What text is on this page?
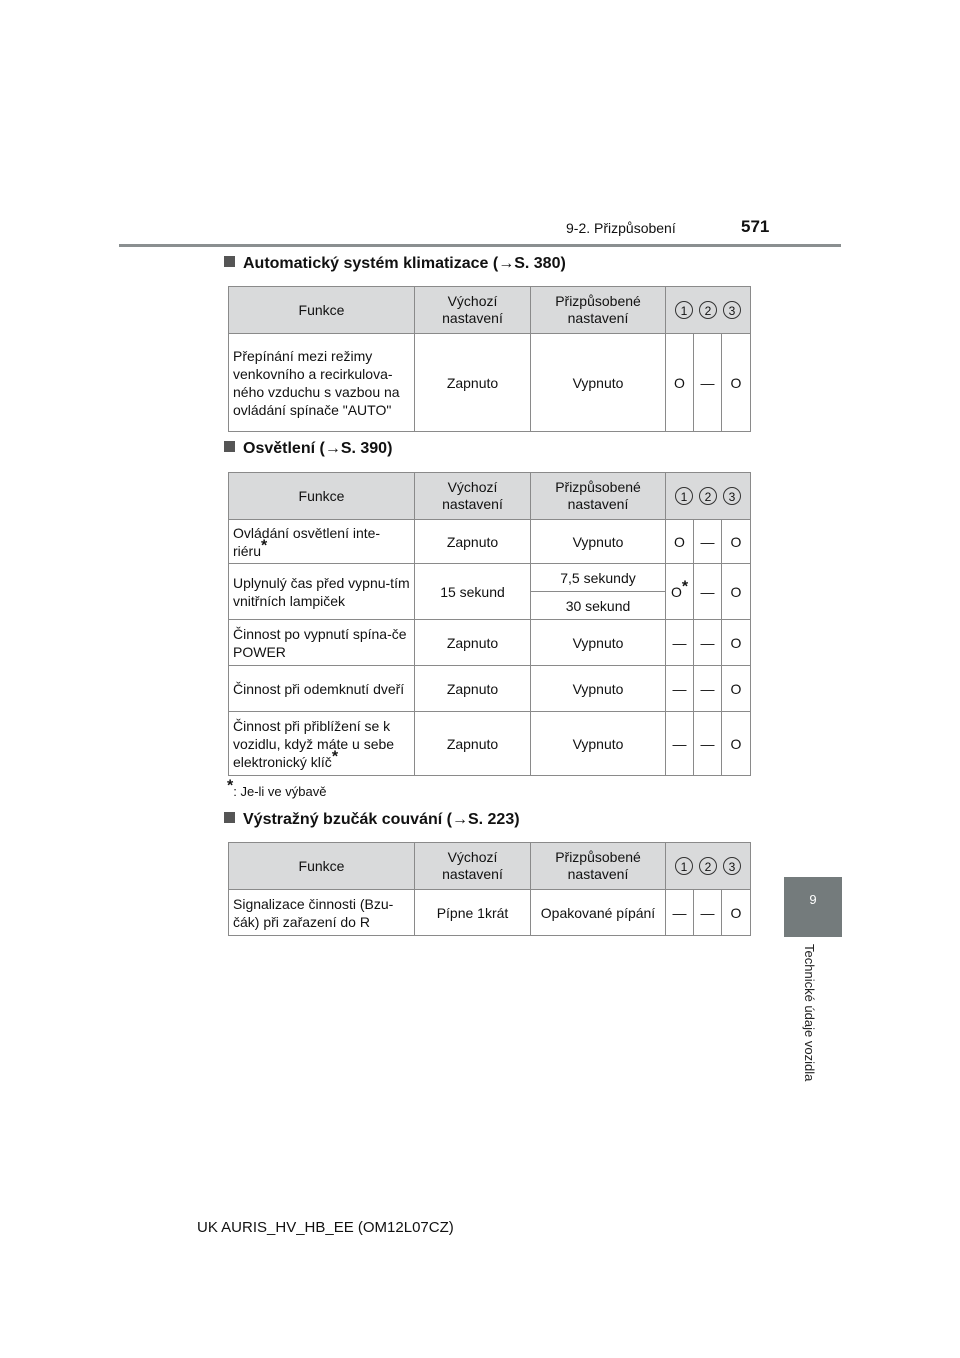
9-2. Přizpůsobení	571
9
Technické údaje vozidla
Automatický systém klimatizace (→S. 380)
Funkce	Výchozí nastavení	Přizpůsobené nastavení	1 2 3		
Přepínání mezi režimy venkovního a recirkulova-ného vzduchu s vazbou na ovládání spínače "AUTO"	Zapnuto	Vypnuto	O	—	O
Osvětlení (→S. 390)
Funkce	Výchozí nastavení	Přizpůsobené nastavení	1 2 3		
Ovládání osvětlení inte-riéru*	Zapnuto	Vypnuto	O	—	O
Uplynulý čas před vypnu-tím vnitřních lampiček	15 sekund	7,5 sekundy	O*	—	O
		30 sekund			
Činnost po vypnutí spína-če POWER	Zapnuto	Vypnuto	—	—	O
Činnost při odemknutí dveří	Zapnuto	Vypnuto	—	—	O
Činnost při přiblížení se k vozidlu, když máte u sebe elektronický klíč*	Zapnuto	Vypnuto	—	—	O
*: Je-li ve výbavě
Výstražný bzučák couvání (→S. 223)
Funkce	Výchozí nastavení	Přizpůsobené nastavení	1 2 3		
Signalizace činnosti (Bzu-čák) při zařazení do R	Pípne 1krát	Opakované pípání	—	—	O
UK AURIS_HV_HB_EE (OM12L07CZ)
